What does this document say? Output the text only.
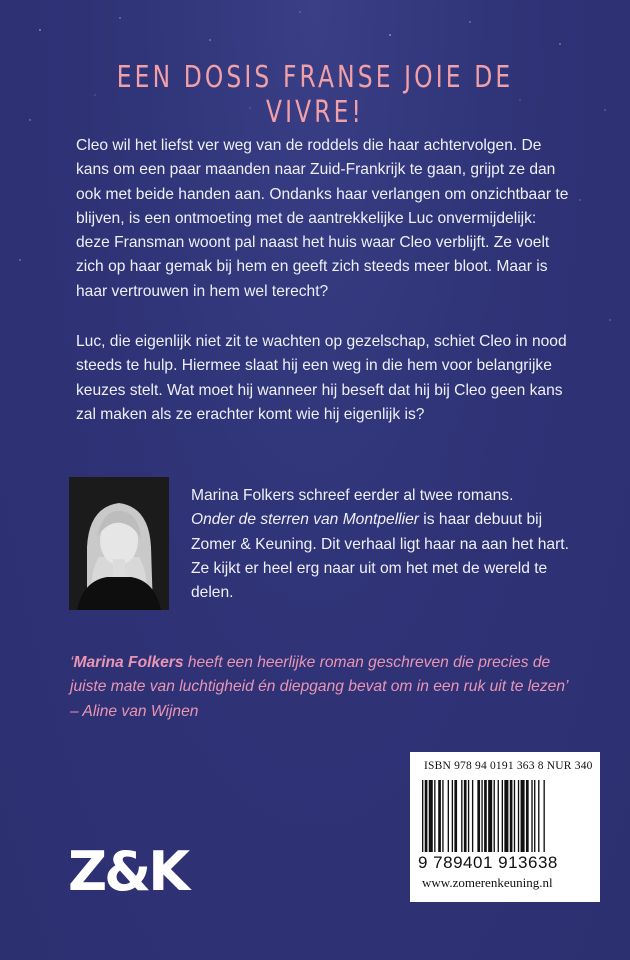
EEN DOSIS FRANSE JOIE DE VIVRE!

Cleo wil het liefst ver weg van de roddels die haar achtervolgen. De kans om een paar maanden naar Zuid-Frankrijk te gaan, grijpt ze dan ook met beide handen aan. Ondanks haar verlangen om onzichtbaar te blijven, is een ontmoeting met de aantrekkelijke Luc onvermijdelijk: deze Fransman woont pal naast het huis waar Cleo verblijft. Ze voelt zich op haar gemak bij hem en geeft zich steeds meer bloot. Maar is haar vertrouwen in hem wel terecht?

Luc, die eigenlijk niet zit te wachten op gezelschap, schiet Cleo in nood steeds te hulp. Hiermee slaat hij een weg in die hem voor belangrijke keuzes stelt. Wat moet hij wanneer hij beseft dat hij bij Cleo geen kans zal maken als ze erachter komt wie hij eigenlijk is?

Marina Folkers schreef eerder al twee romans.
Onder de sterren van Montpellier is haar debuut bij Zomer & Keuning. Dit verhaal ligt haar na aan het hart. Ze kijkt er heel erg naar uit om het met de wereld te delen.

‘Marina Folkers heeft een heerlijke roman geschreven die precies de juiste mate van luchtigheid én diepgang bevat om in een ruk uit te lezen’ – Aline van Wijnen

Z&K
ISBN 978 94 0191 363 8 NUR 340
9 789401 913638
www.zomerenkeuning.nl
